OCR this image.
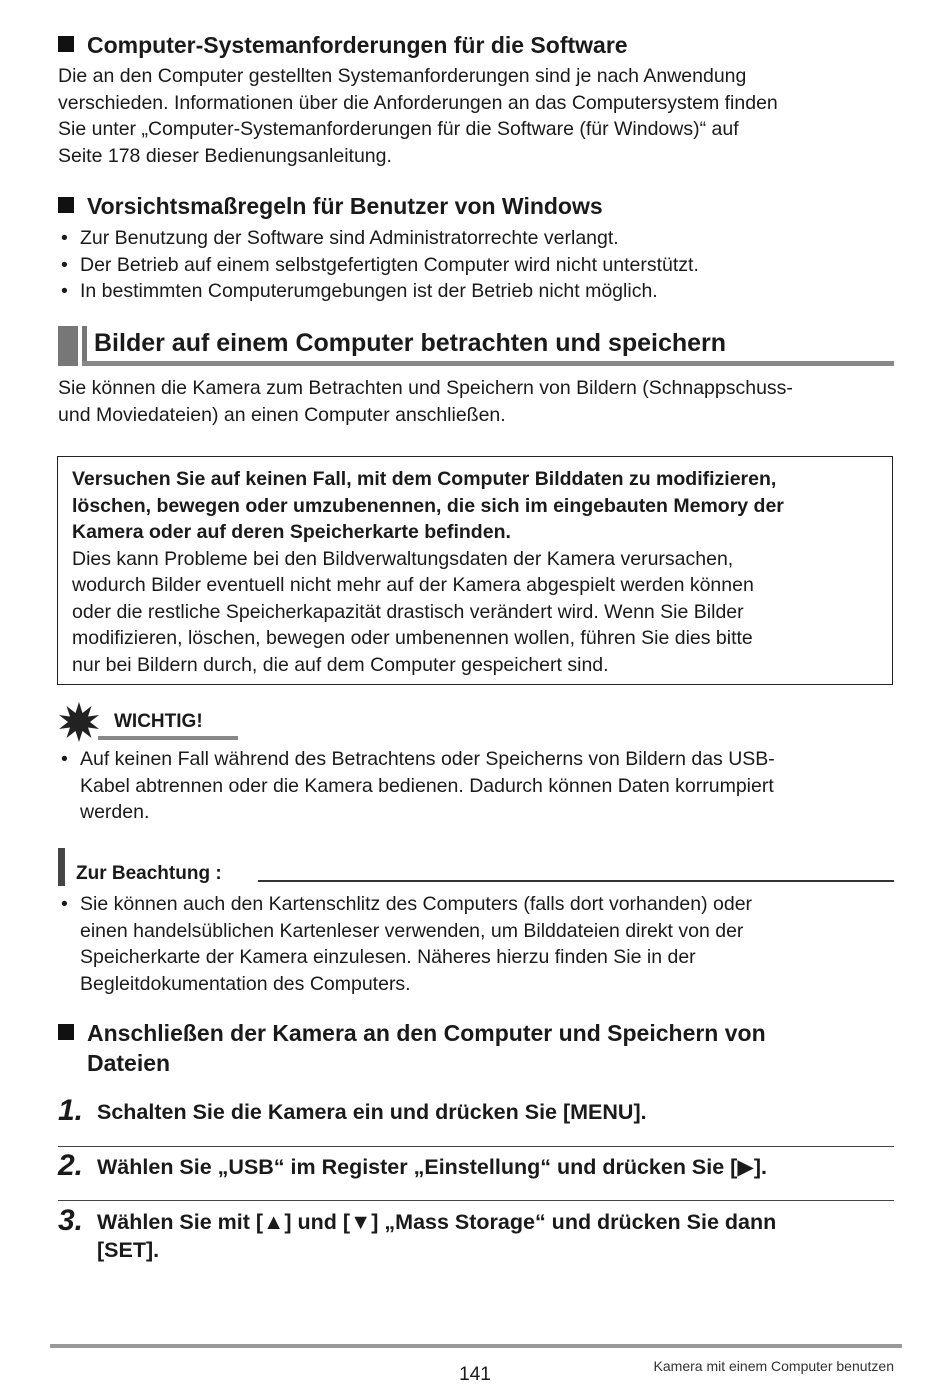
Computer-Systemanforderungen für die Software
Die an den Computer gestellten Systemanforderungen sind je nach Anwendung
verschieden. Informationen über die Anforderungen an das Computersystem finden
Sie unter „Computer-Systemanforderungen für die Software (für Windows)“ auf
Seite 178 dieser Bedienungsanleitung.
Vorsichtsmaßregeln für Benutzer von Windows
• Zur Benutzung der Software sind Administratorrechte verlangt.
• Der Betrieb auf einem selbstgefertigten Computer wird nicht unterstützt.
• In bestimmten Computerumgebungen ist der Betrieb nicht möglich.
Bilder auf einem Computer betrachten und speichern
Sie können die Kamera zum Betrachten und Speichern von Bildern (Schnappschuss-
und Moviedateien) an einen Computer anschließen.
Versuchen Sie auf keinen Fall, mit dem Computer Bilddaten zu modifizieren,
löschen, bewegen oder umzubenennen, die sich im eingebauten Memory der
Kamera oder auf deren Speicherkarte befinden.
Dies kann Probleme bei den Bildverwaltungsdaten der Kamera verursachen,
wodurch Bilder eventuell nicht mehr auf der Kamera abgespielt werden können
oder die restliche Speicherkapazität drastisch verändert wird. Wenn Sie Bilder
modifizieren, löschen, bewegen oder umbenennen wollen, führen Sie dies bitte
nur bei Bildern durch, die auf dem Computer gespeichert sind.
WICHTIG!
• Auf keinen Fall während des Betrachtens oder Speicherns von Bildern das USB-
Kabel abtrennen oder die Kamera bedienen. Dadurch können Daten korrumpiert
werden.
Zur Beachtung :
• Sie können auch den Kartenschlitz des Computers (falls dort vorhanden) oder
einen handelsüblichen Kartenleser verwenden, um Bilddateien direkt von der
Speicherkarte der Kamera einzulesen. Näheres hierzu finden Sie in der
Begleitdokumentation des Computers.
Anschließen der Kamera an den Computer und Speichern von
Dateien
1. Schalten Sie die Kamera ein und drücken Sie [MENU].
2. Wählen Sie „USB“ im Register „Einstellung“ und drücken Sie [▶].
3. Wählen Sie mit [▲] und [▼] „Mass Storage“ und drücken Sie dann
[SET].
141	Kamera mit einem Computer benutzen
